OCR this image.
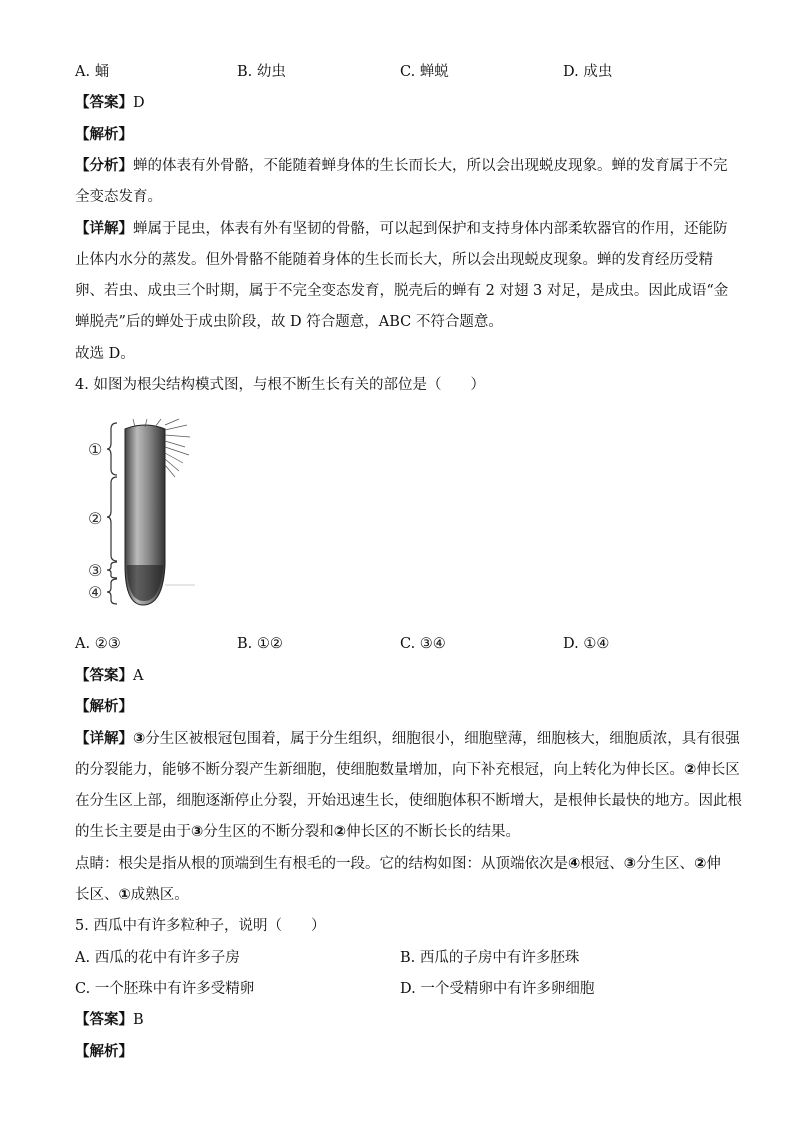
A. 蛹	B. 幼虫	C. 蝉蜕	D. 成虫
【答案】D
【解析】
【分析】蝉的体表有外骨骼，不能随着蝉身体的生长而长大，所以会出现蜕皮现象。蝉的发育属于不完
全变态发育。
【详解】蝉属于昆虫，体表有外有坚韧的骨骼，可以起到保护和支持身体内部柔软器官的作用，还能防
止体内水分的蒸发。但外骨骼不能随着身体的生长而长大，所以会出现蜕皮现象。蝉的发育经历受精
卵、若虫、成虫三个时期，属于不完全变态发育，脱壳后的蝉有 2 对翅 3 对足，是成虫。因此成语“金
蝉脱壳”后的蝉处于成虫阶段，故 D 符合题意，ABC 不符合题意。
故选 D。
4. 如图为根尖结构模式图，与根不断生长有关的部位是（　　）
①
②
③
④
A. ②③	B. ①②	C. ③④	D. ①④
【答案】A
【解析】
【详解】③分生区被根冠包围着，属于分生组织，细胞很小，细胞壁薄，细胞核大，细胞质浓，具有很强
的分裂能力，能够不断分裂产生新细胞，使细胞数量增加，向下补充根冠，向上转化为伸长区。②伸长区
在分生区上部，细胞逐渐停止分裂，开始迅速生长，使细胞体积不断增大，是根伸长最快的地方。因此根
的生长主要是由于③分生区的不断分裂和②伸长区的不断长长的结果。
点睛：根尖是指从根的顶端到生有根毛的一段。它的结构如图：从顶端依次是④根冠、③分生区、②伸
长区、①成熟区。
5. 西瓜中有许多粒种子，说明（　　）
A. 西瓜的花中有许多子房	B. 西瓜的子房中有许多胚珠
C. 一个胚珠中有许多受精卵	D. 一个受精卵中有许多卵细胞
【答案】B
【解析】
